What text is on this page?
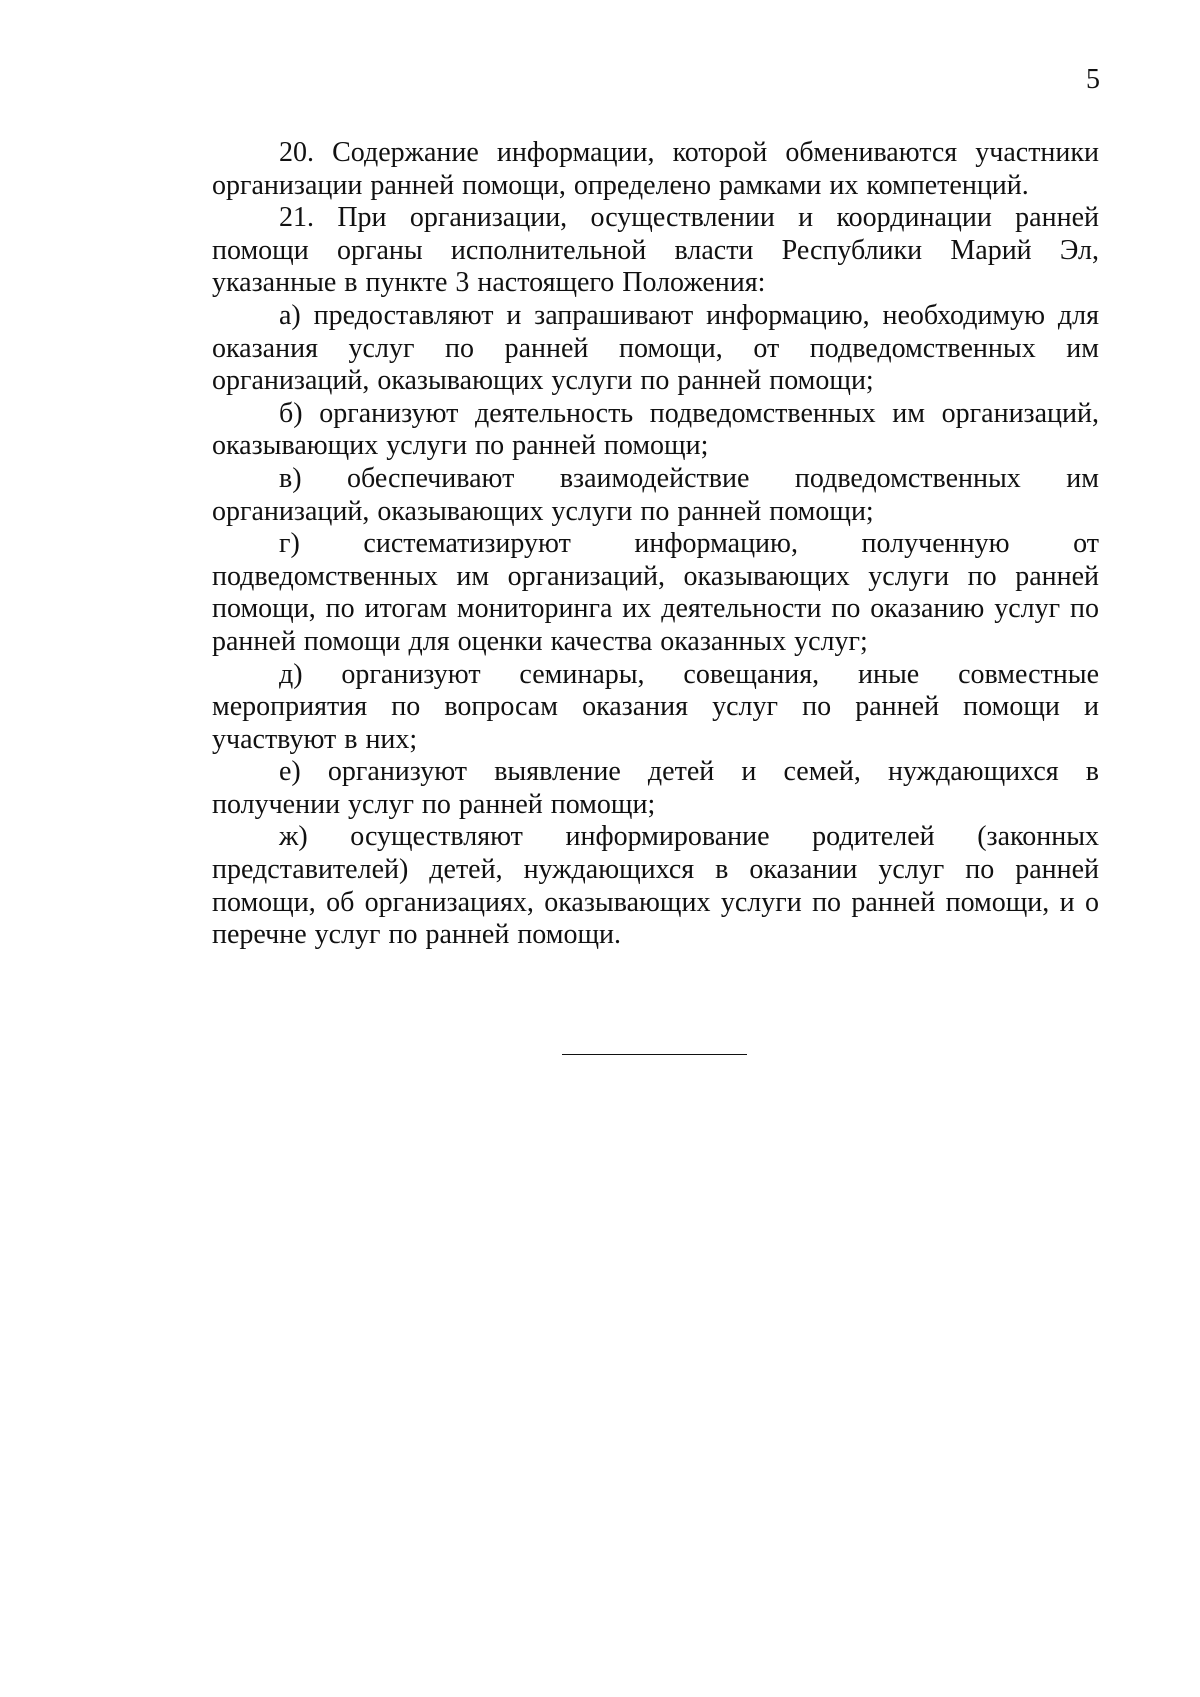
5

20. Содержание информации, которой обмениваются участники организации ранней помощи, определено рамками их компетенций.

21. При организации, осуществлении и координации ранней помощи органы исполнительной власти Республики Марий Эл, указанные в пункте 3 настоящего Положения:

а) предоставляют и запрашивают информацию, необходимую для оказания услуг по ранней помощи, от подведомственных им организаций, оказывающих услуги по ранней помощи;

б) организуют деятельность подведомственных им организаций, оказывающих услуги по ранней помощи;

в) обеспечивают взаимодействие подведомственных им организаций, оказывающих услуги по ранней помощи;

г) систематизируют информацию, полученную от подведомственных им организаций, оказывающих услуги по ранней помощи, по итогам мониторинга их деятельности по оказанию услуг по ранней помощи для оценки качества оказанных услуг;

д) организуют семинары, совещания, иные совместные мероприятия по вопросам оказания услуг по ранней помощи и участвуют в них;

е) организуют выявление детей и семей, нуждающихся в получении услуг по ранней помощи;

ж) осуществляют информирование родителей (законных представителей) детей, нуждающихся в оказании услуг по ранней помощи, об организациях, оказывающих услуги по ранней помощи, и о перечне услуг по ранней помощи.
